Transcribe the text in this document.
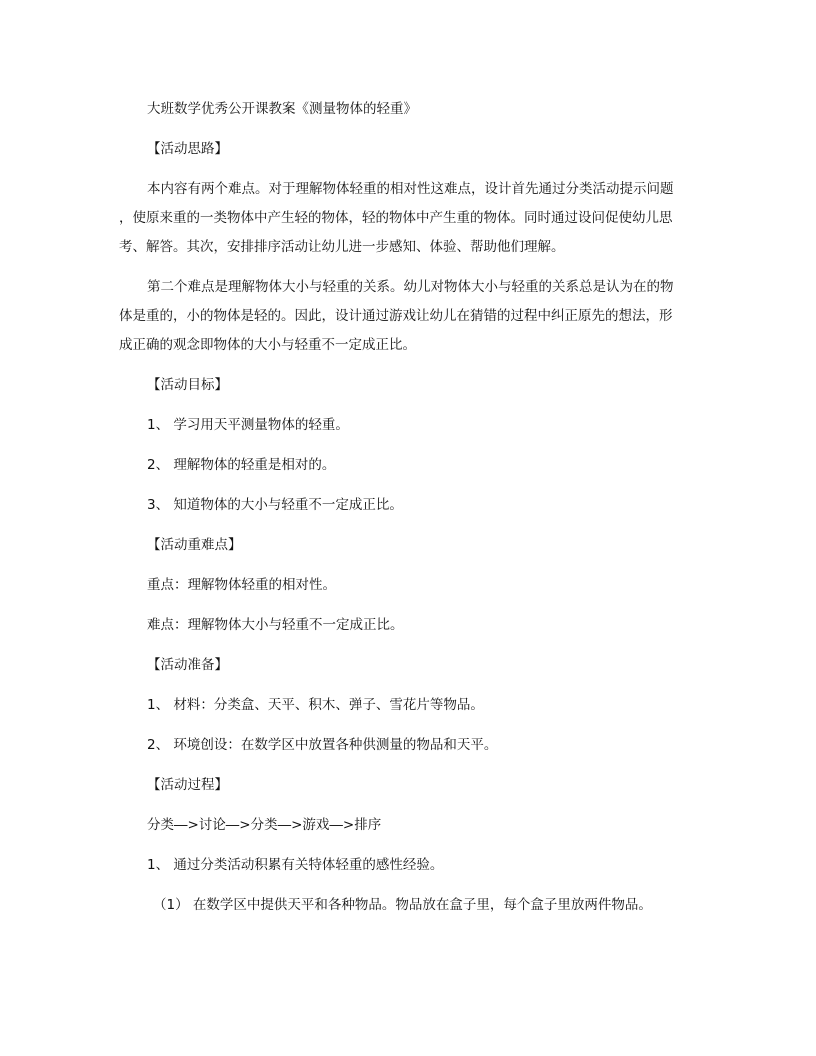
大班数学优秀公开课教案《测量物体的轻重》
【活动思路】
本内容有两个难点。对于理解物体轻重的相对性这难点，设计首先通过分类活动提示问题
，使原来重的一类物体中产生轻的物体，轻的物体中产生重的物体。同时通过设问促使幼儿思
考、解答。其次，安排排序活动让幼儿进一步感知、体验、帮助他们理解。
第二个难点是理解物体大小与轻重的关系。幼儿对物体大小与轻重的关系总是认为在的物
体是重的，小的物体是轻的。因此，设计通过游戏让幼儿在猜错的过程中纠正原先的想法，形
成正确的观念即物体的大小与轻重不一定成正比。
【活动目标】
1、 学习用天平测量物体的轻重。
2、 理解物体的轻重是相对的。
3、 知道物体的大小与轻重不一定成正比。
【活动重难点】
重点：理解物体轻重的相对性。
难点：理解物体大小与轻重不一定成正比。
【活动准备】
1、 材料：分类盒、天平、积木、弹子、雪花片等物品。
2、 环境创设：在数学区中放置各种供测量的物品和天平。
【活动过程】
分类―>讨论―>分类―>游戏―>排序
1、 通过分类活动积累有关特体轻重的感性经验。
（1） 在数学区中提供天平和各种物品。物品放在盒子里，每个盒子里放两件物品。
